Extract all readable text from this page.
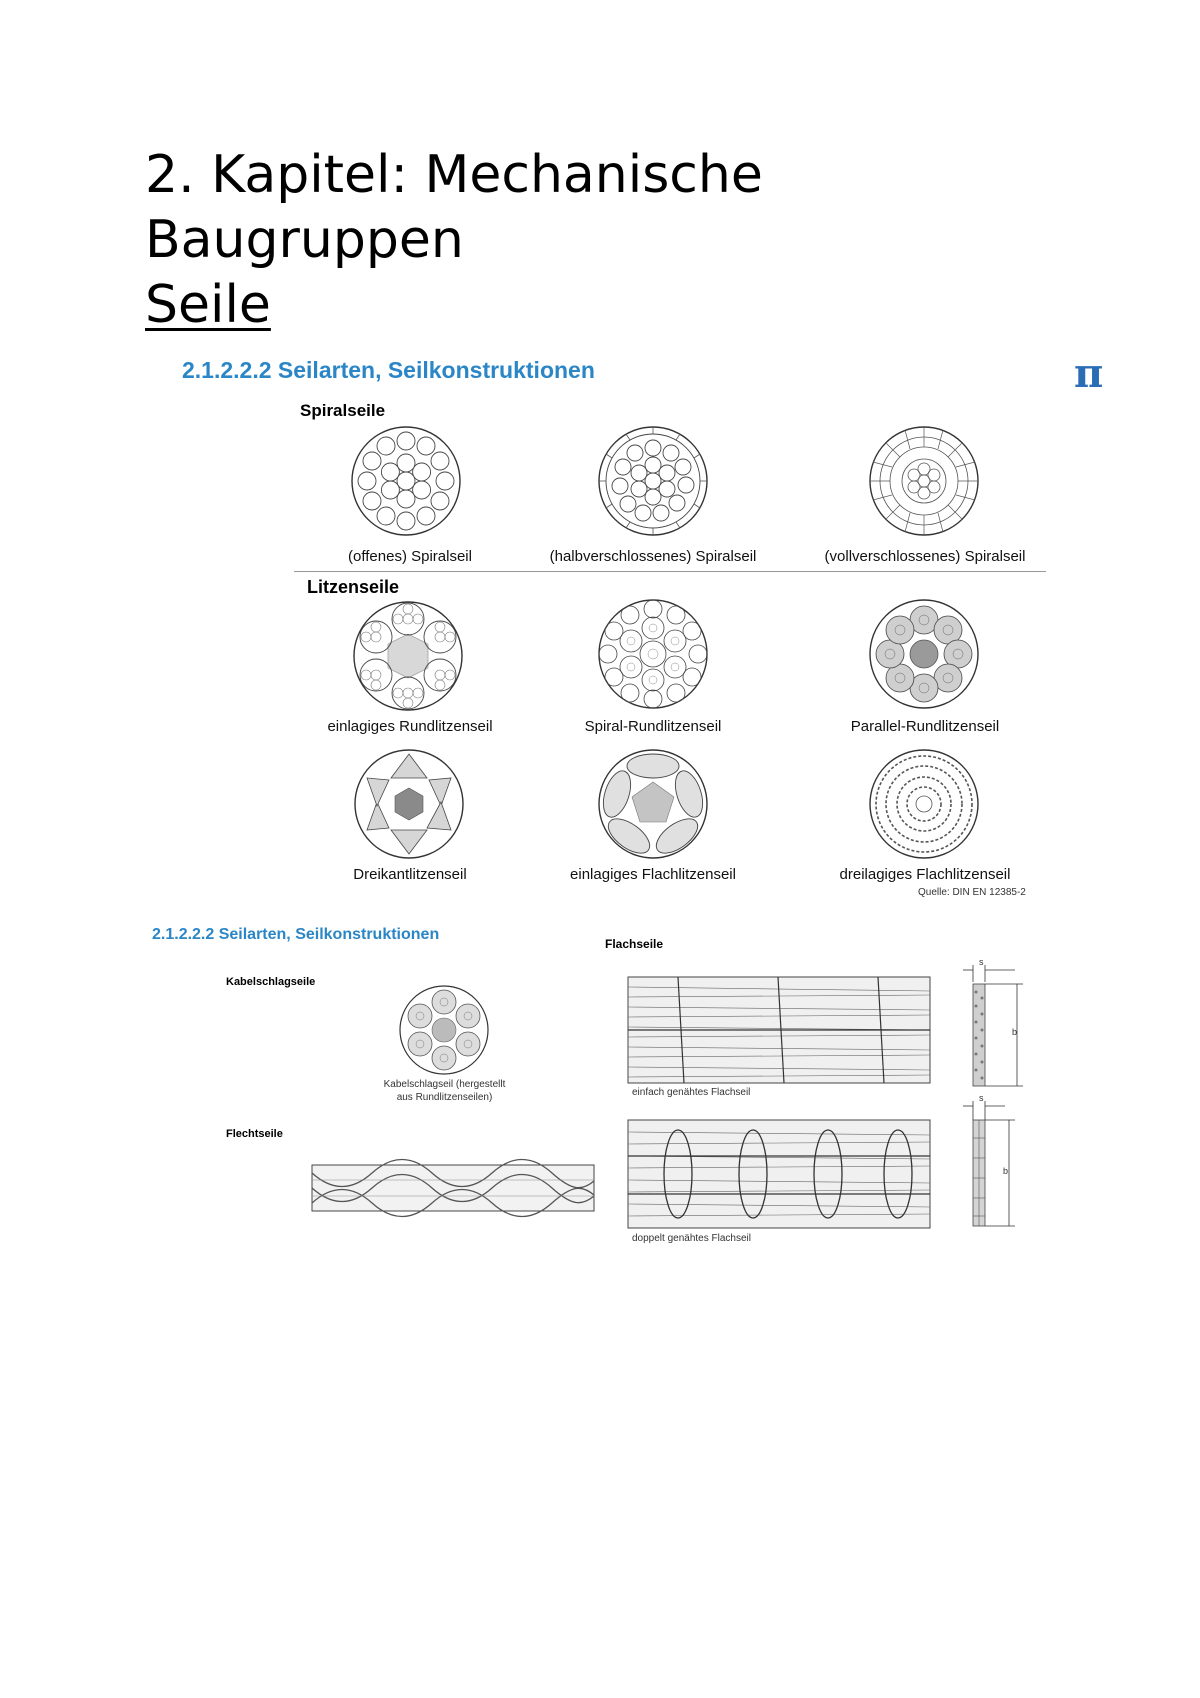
2. Kapitel: Mechanische
Baugruppen
Seile
2.1.2.2.2 Seilarten, Seilkonstruktionen	π
Spiralseile
(offenes) Spiralseil	(halbverschlossenes) Spiralseil	(vollverschlossenes) Spiralseil
Litzenseile
einlagiges Rundlitzenseil	Spiral-Rundlitzenseil	Parallel-Rundlitzenseil
Dreikantlitzenseil	einlagiges Flachlitzenseil	dreilagiges Flachlitzenseil
Quelle: DIN EN 12385-2
2.1.2.2.2 Seilarten, Seilkonstruktionen
Flachseile
Kabelschlagseile
Kabelschlagseil (hergestellt
aus Rundlitzenseilen)
Flechtseile
einfach genähtes Flachseil
doppelt genähtes Flachseil
s
b
s
b
